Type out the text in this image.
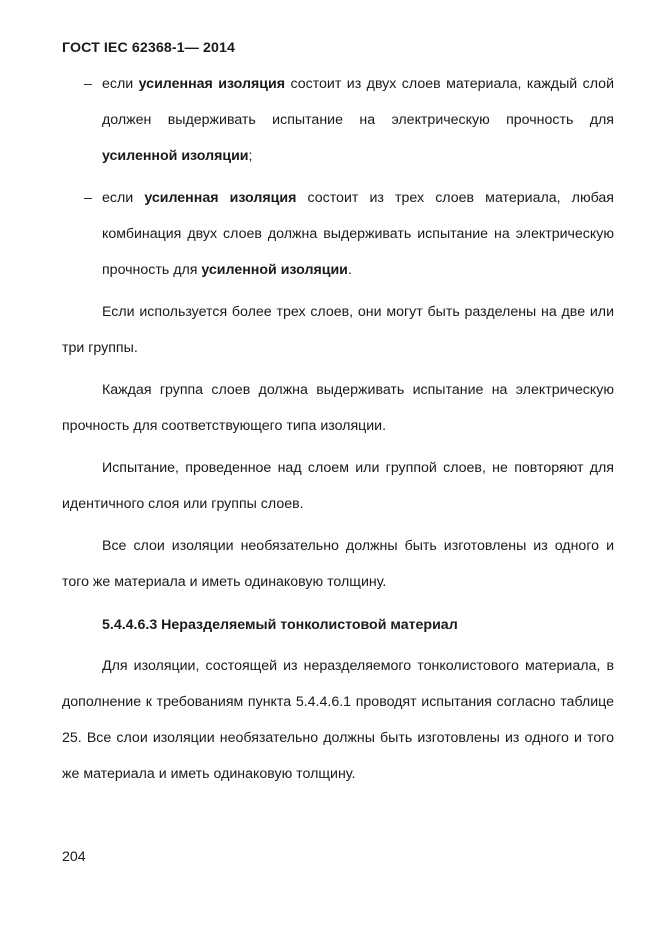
ГОСТ IEC 62368-1— 2014
– если усиленная изоляция состоит из двух слоев материала, каждый слой должен выдерживать испытание на электрическую прочность для усиленной изоляции;
– если усиленная изоляция состоит из трех слоев материала, любая комбинация двух слоев должна выдерживать испытание на электрическую прочность для усиленной изоляции.
Если используется более трех слоев, они могут быть разделены на две или три группы.
Каждая группа слоев должна выдерживать испытание на электрическую прочность для соответствующего типа изоляции.
Испытание, проведенное над слоем или группой слоев, не повторяют для идентичного слоя или группы слоев.
Все слои изоляции необязательно должны быть изготовлены из одного и того же материала и иметь одинаковую толщину.
5.4.4.6.3 Неразделяемый тонколистовой материал
Для изоляции, состоящей из неразделяемого тонколистового материала, в дополнение к требованиям пункта 5.4.4.6.1 проводят испытания согласно таблице 25. Все слои изоляции необязательно должны быть изготовлены из одного и того же материала и иметь одинаковую толщину.
204
